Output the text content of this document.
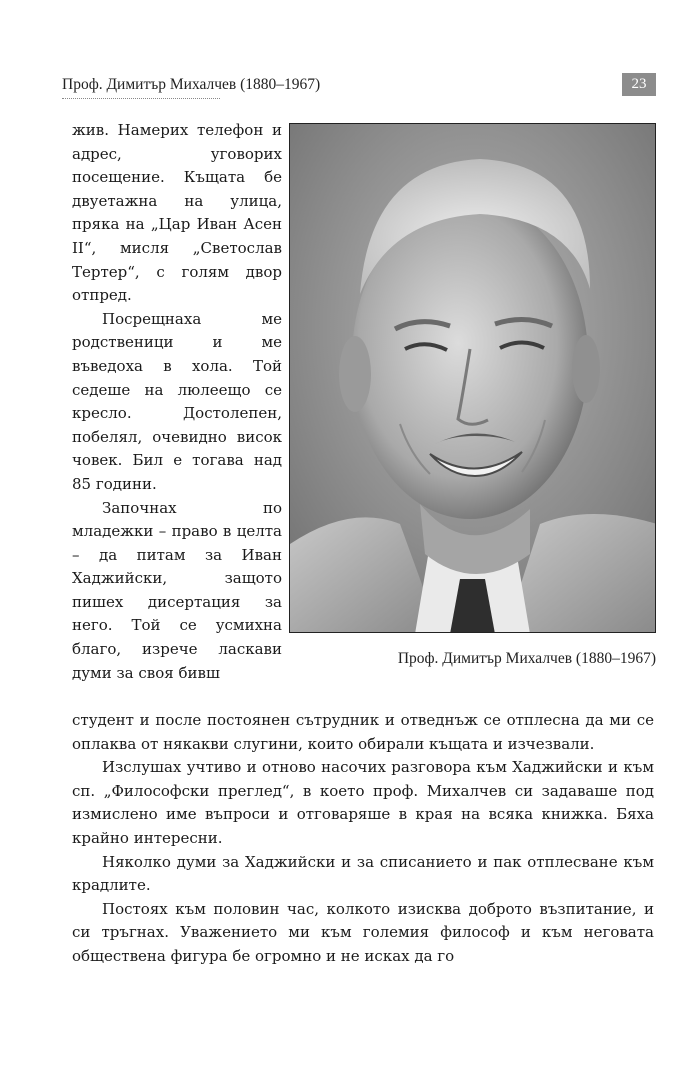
Проф. Димитър Михалчев (1880–1967)	23

жив. Намерих телефон и адрес, уговорих посещение. Къщата бе двуетажна на улица, пряка на „Цар Иван Асен II“, мисля „Светослав Тертер“, с голям двор отпред.

Посрещнаха ме родственици и ме въведоха в хола. Той седеше на люлеещо се кресло. Достолепен, побелял, очевидно висок човек. Бил е тогава над 85 години.

Започнах по младежки – право в целта – да питам за Иван Хаджийски, защото пишех дисертация за него. Той се усмихна благо, изрече ласкави думи за своя бивш

Проф. Димитър Михалчев (1880–1967)

студент и после постоянен сътрудник и отведнъж се отплесна да ми се оплаква от някакви слугини, които обирали къщата и изчезвали.

Изслушах учтиво и отново насочих разговора към Хаджийски и към сп. „Философски преглед“, в което проф. Михалчев си задаваше под измислено име въпроси и отговаряше в края на всяка книжка. Бяха крайно интересни.

Няколко думи за Хаджийски и за списанието и пак отплесване към крадлите.

Постоях към половин час, колкото изисква доброто възпитание, и си тръгнах. Уважението ми към големия философ и към неговата обществена фигура бе огромно и не исках да го
